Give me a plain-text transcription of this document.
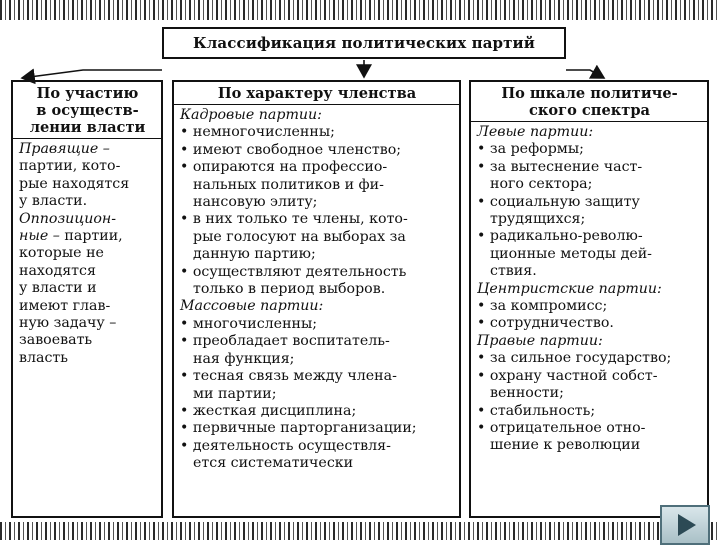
Классификация политических партий
По участию
в осуществ-
лении власти
Правящие –
партии, кото-
рые находятся
у власти.
Оппозицион-
ные – партии,
которые не
находятся
у власти и
имеют глав-
ную задачу –
завоевать
власть
По характеру членства
Кадровые партии:
• немногочисленны;
• имеют свободное членство;
• опираются на профессио-
нальных политиков и фи-
нансовую элиту;
• в них только те члены, кото-
рые голосуют на выборах за
данную партию;
• осуществляют деятельность
только в период выборов.
Массовые партии:
• многочисленны;
• преобладает воспитатель-
ная функция;
• тесная связь между члена-
ми партии;
• жесткая дисциплина;
• первичные парторганизации;
• деятельность осуществля-
ется систематически
По шкале политиче-
ского спектра
Левые партии:
• за реформы;
• за вытеснение част-
ного сектора;
• социальную защиту
трудящихся;
• радикально-револю-
ционные методы дей-
ствия.
Центристские партии:
• за компромисс;
• сотрудничество.
Правые партии:
• за сильное государство;
• охрану частной собст-
венности;
• стабильность;
• отрицательное отно-
шение к революции
